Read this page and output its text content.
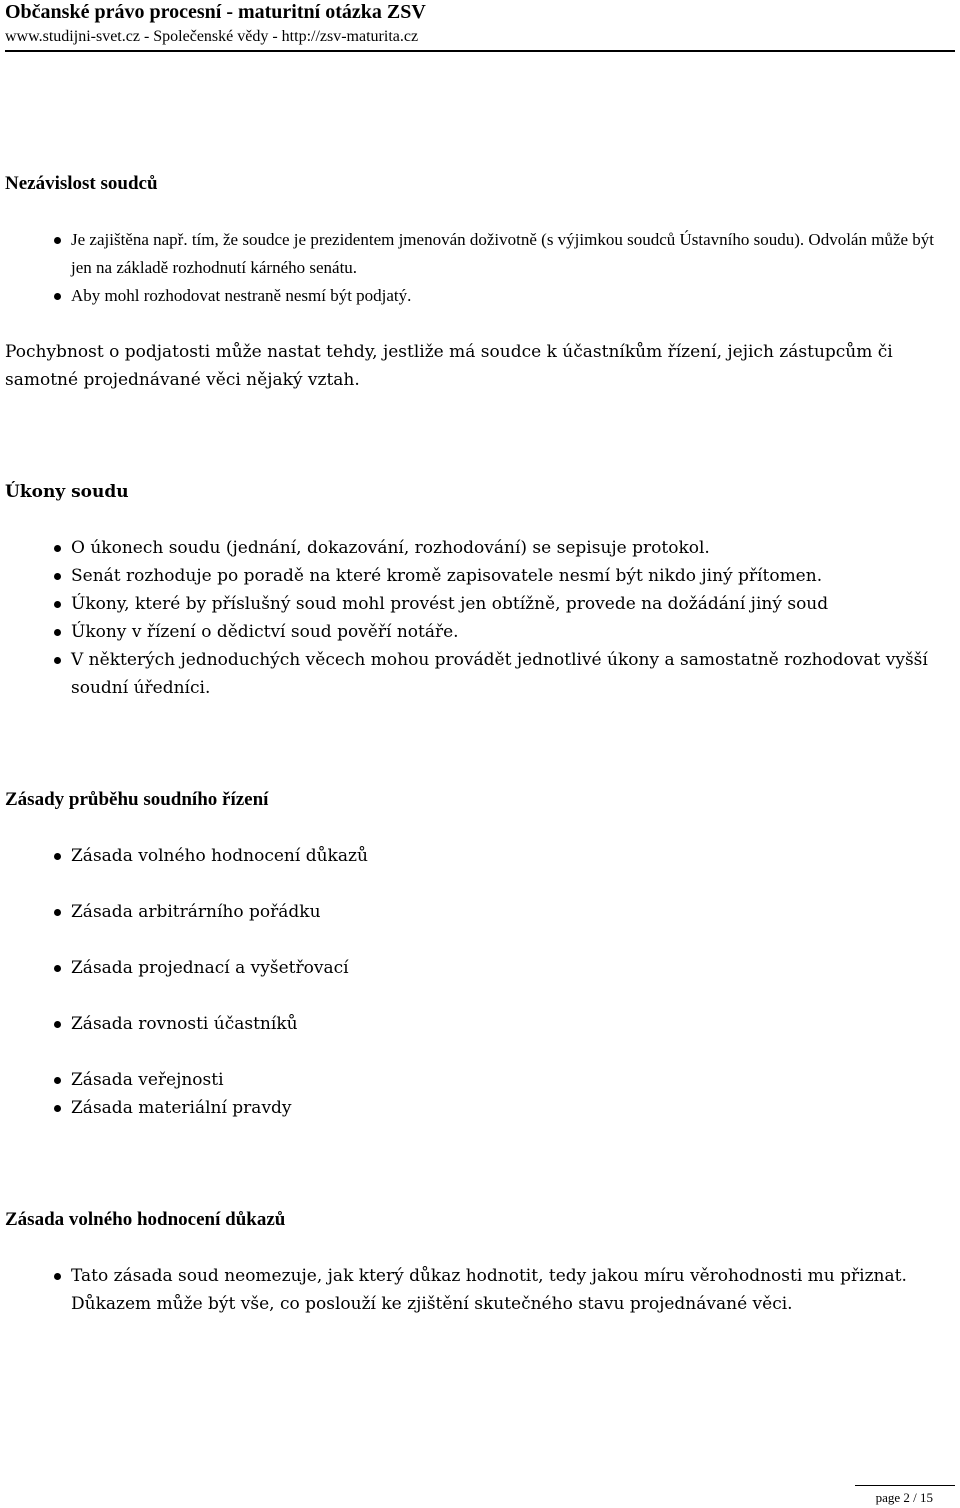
Občanské právo procesní - maturitní otázka ZSV

www.studijni-svet.cz - Společenské vědy - http://zsv-maturita.cz

Nezávislost soudců
Je zajištěna např. tím, že soudce je prezidentem jmenován doživotně (s výjimkou soudců Ústavního soudu). Odvolán může být jen na základě rozhodnutí kárného senátu.
Aby mohl rozhodovat nestraně nesmí být podjatý.

Pochybnost o podjatosti může nastat tehdy, jestliže má soudce k účastníkům řízení, jejich zástupcům či samotné projednávané věci nějaký vztah.

Úkony soudu
O úkonech soudu (jednání, dokazování, rozhodování) se sepisuje protokol.
Senát rozhoduje po poradě na které kromě zapisovatele nesmí být nikdo jiný přítomen.
Úkony, které by příslušný soud mohl provést jen obtížně, provede na dožádání jiný soud
Úkony v řízení o dědictví soud pověří notáře.
V některých jednoduchých věcech mohou provádět jednotlivé úkony a samostatně rozhodovat vyšší soudní úředníci.
Zásady průběhu soudního řízení
Zásada volného hodnocení důkazů
Zásada arbitrárního pořádku
Zásada projednací a vyšetřovací
Zásada rovnosti účastníků
Zásada veřejnosti
Zásada materiální pravdy
Zásada volného hodnocení důkazů
Tato zásada soud neomezuje, jak který důkaz hodnotit, tedy jakou míru věrohodnosti mu přiznat. Důkazem může být vše, co poslouží ke zjištění skutečného stavu projednávané věci.
page 2 / 15
